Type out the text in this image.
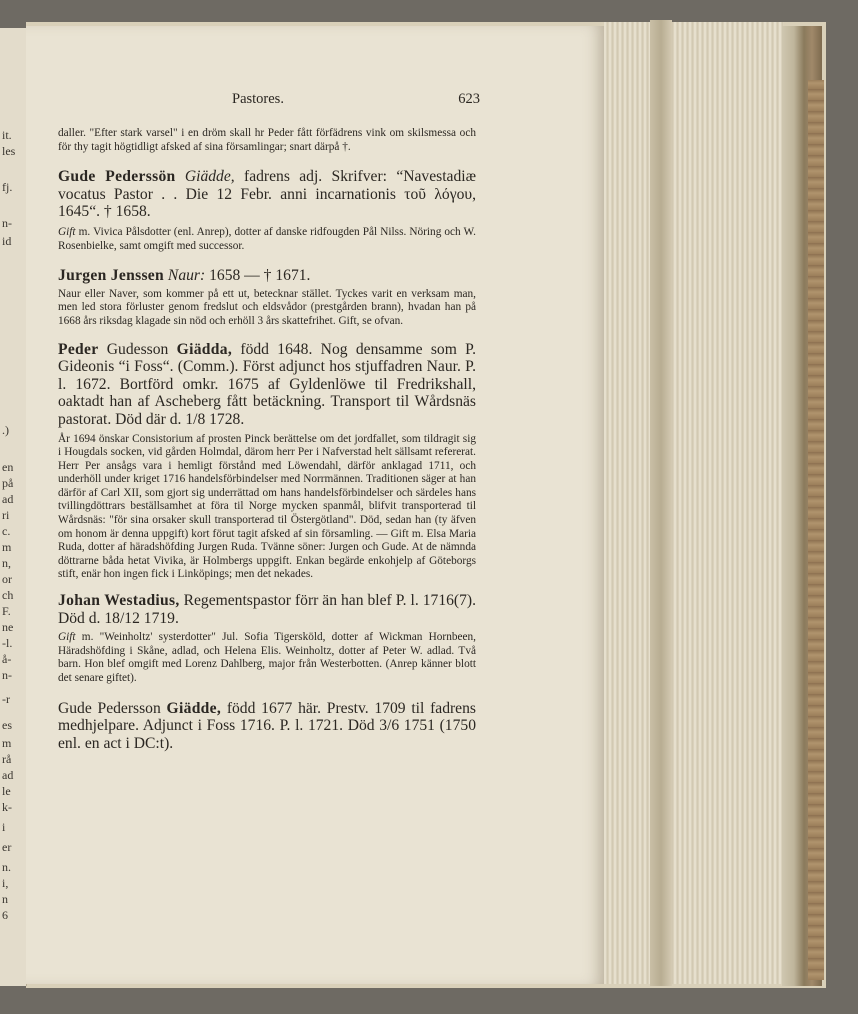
it.
les
fj.
n-
id
.)
en
på
ad
ri
c.
m
n,
or
ch
F.
ne
-l.
å-
n-
-r
es
m
rå
ad
le
k-
i
er
n.
i,
n
6
Pastores.	623

daller. "Efter stark varsel" i en dröm skall hr Peder fått förfädrens vink om skilsmessa och för thy tagit högtidligt afsked af sina församlingar; snart därpå †.

Gude Pederssön Giädde, fadrens adj. Skrifver: “Navestadiæ vocatus Pastor . . Die 12 Febr. anni incarnationis τοῦ λόγου, 1645“. † 1658.

Gift m. Vivica Pålsdotter (enl. Anrep), dotter af danske ridfougden Pål Nilss. Nöring och W. Rosenbielke, samt omgift med successor.

Jurgen Jenssen Naur: 1658 — † 1671.

Naur eller Naver, som kommer på ett ut, betecknar stället. Tyckes varit en verksam man, men led stora förluster genom fredslut och eldsvådor (prestgården brann), hvadan han på 1668 års riksdag klagade sin nöd och erhöll 3 års skattefrihet. Gift, se ofvan.

Peder Gudesson Giädda, född 1648. Nog densamme som P. Gideonis “i Foss“. (Comm.). Först adjunct hos stjuffadren Naur. P. l. 1672. Bortförd omkr. 1675 af Gyldenlöwe til Fredrikshall, oaktadt han af Ascheberg fått betäckning. Transport til Wårdsnäs pastorat. Död där d. 1/8 1728.

År 1694 önskar Consistorium af prosten Pinck berättelse om det jordfallet, som tildragit sig i Hougdals socken, vid gården Holmdal, därom herr Per i Nafverstad helt sällsamt refererat. Herr Per ansågs vara i hemligt förstånd med Löwendahl, därför anklagad 1711, och underhöll under kriget 1716 handelsförbindelser med Norrmännen. Traditionen säger at han därför af Carl XII, som gjort sig underrättad om hans handelsförbindelser och särdeles hans tvillingdöttrars beställsamhet at föra til Norge mycken spanmål, blifvit transporterad til Wårdsnäs: "för sina orsaker skull transporterad til Östergötland". Död, sedan han (ty äfven om honom är denna uppgift) kort förut tagit afsked af sin församling. — Gift m. Elsa Maria Ruda, dotter af häradshöfding Jurgen Ruda. Tvänne söner: Jurgen och Gude. At de nämnda döttrarne båda hetat Vivika, är Holmbergs uppgift. Enkan begärde enkohjelp af Göteborgs stift, enär hon ingen fick i Linköpings; men det nekades.

Johan Westadius, Regementspastor förr än han blef P. l. 1716(7). Död d. 18/12 1719.

Gift m. "Weinholtz' systerdotter" Jul. Sofia Tigersköld, dotter af Wickman Hornbeen, Häradshöfding i Skåne, adlad, och Helena Elis. Weinholtz, dotter af Peter W. adlad. Två barn. Hon blef omgift med Lorenz Dahlberg, major från Westerbotten. (Anrep känner blott det senare giftet).

Gude Pedersson Giädde, född 1677 här. Prestv. 1709 til fadrens medhjelpare. Adjunct i Foss 1716. P. l. 1721. Död 3/6 1751 (1750 enl. en act i DC:t).
